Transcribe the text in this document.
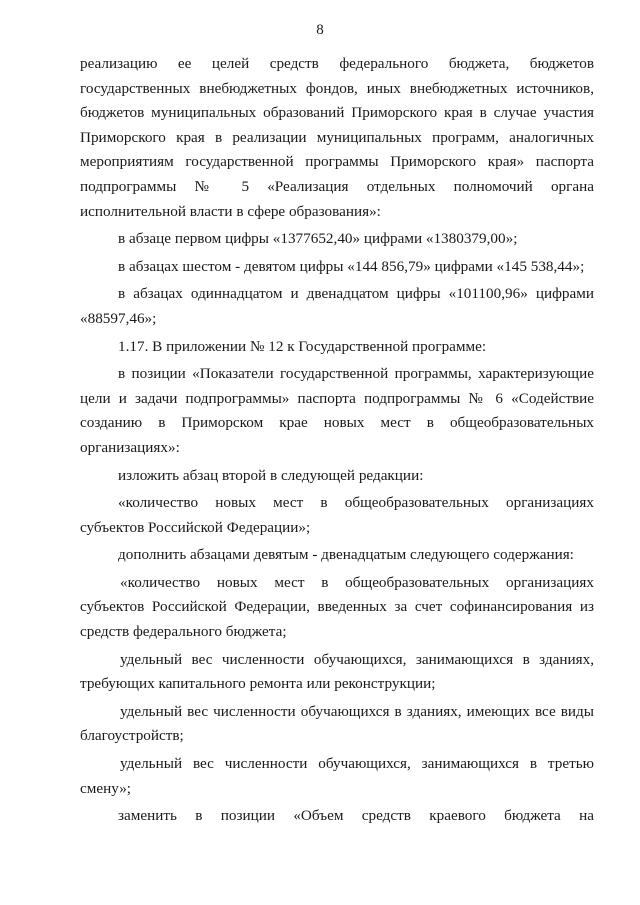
8

реализацию ее целей средств федерального бюджета, бюджетов государственных внебюджетных фондов, иных внебюджетных источников, бюджетов муниципальных образований Приморского края в случае участия Приморского края в реализации муниципальных программ, аналогичных мероприятиям государственной программы Приморского края» паспорта подпрограммы № 5 «Реализация отдельных полномочий органа исполнительной власти в сфере образования»:

в абзаце первом цифры «1377652,40» цифрами «1380379,00»;

в абзацах шестом - девятом цифры «144 856,79» цифрами «145 538,44»;

в абзацах одиннадцатом и двенадцатом цифры «101100,96» цифрами «88597,46»;

1.17. В приложении № 12 к Государственной программе:

в позиции «Показатели государственной программы, характеризующие цели и задачи подпрограммы» паспорта подпрограммы № 6 «Содействие созданию в Приморском крае новых мест в общеобразовательных организациях»:

изложить абзац второй в следующей редакции:

«количество новых мест в общеобразовательных организациях субъектов Российской Федерации»;

дополнить абзацами девятым - двенадцатым следующего содержания:

«количество новых мест в общеобразовательных организациях субъектов Российской Федерации, введенных за счет софинансирования из средств федерального бюджета;

удельный вес численности обучающихся, занимающихся в зданиях, требующих капитального ремонта или реконструкции;

удельный вес численности обучающихся в зданиях, имеющих все виды благоустройств;

удельный вес численности обучающихся, занимающихся в третью смену»;

заменить в позиции «Объем средств краевого бюджета на
